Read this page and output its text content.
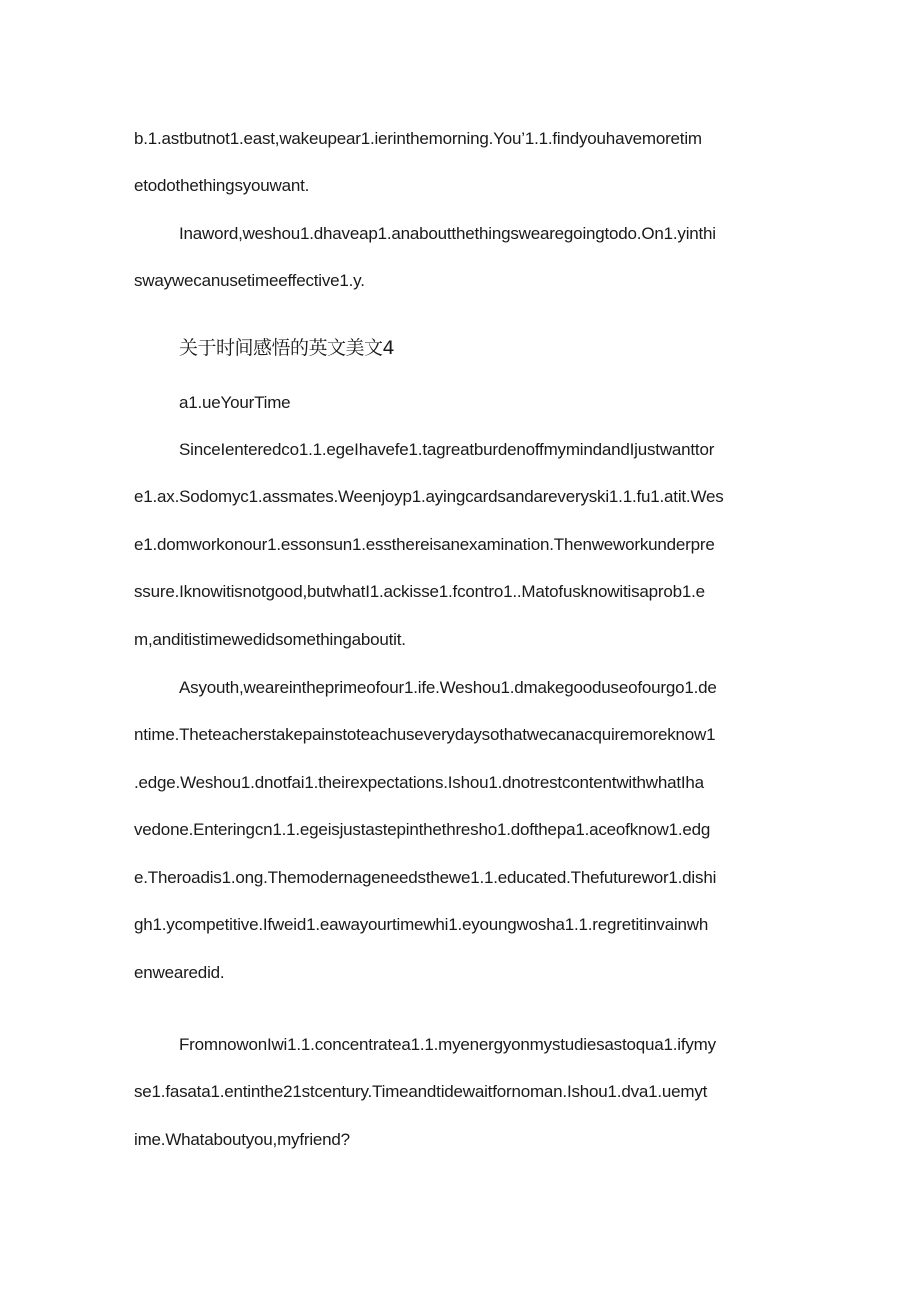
b.1.astbutnot1.east,wakeupear1.ierinthemorning.You’1.1.findyouhavemoretim

etodothethingsyouwant.

Inaword,weshou1.dhaveap1.anaboutthethingswearegoingtodo.On1.yinthi

swaywecanusetimeeffective1.y.

关于时间感悟的英文美文4

a1.ueYourTime

SinceIenteredco1.1.egeIhavefe1.tagreatburdenoffmymindandIjustwanttor

e1.ax.Sodomyc1.assmates.Weenjoyp1.ayingcardsandareveryski1.1.fu1.atit.Wes

e1.domworkonour1.essonsun1.essthereisanexamination.Thenweworkunderpre

ssure.Iknowitisnotgood,butwhatI1.ackisse1.fcontro1..Matofusknowitisaprob1.e

m,anditistimewedidsomethingaboutit.

Asyouth,weareintheprimeofour1.ife.Weshou1.dmakegooduseofourgo1.de

ntime.Theteacherstakepainstoteachuseverydaysothatwecanacquiremoreknow1

.edge.Weshou1.dnotfai1.theirexpectations.Ishou1.dnotrestcontentwithwhatIha

vedone.Enteringcn1.1.egeisjustastepinthethresho1.dofthepa1.aceofknow1.edg

e.Theroadis1.ong.Themodernageneedsthewe1.1.educated.Thefuturewor1.dishi

gh1.ycompetitive.Ifweid1.eawayourtimewhi1.eyoungwosha1.1.regretitinvainwh

enwearedid.

FromnowonIwi1.1.concentratea1.1.myenergyonmystudiesastoqua1.ifymy

se1.fasata1.entinthe21stcentury.Timeandtidewaitfornoman.Ishou1.dva1.uemyt

ime.Whataboutyou,myfriend?
